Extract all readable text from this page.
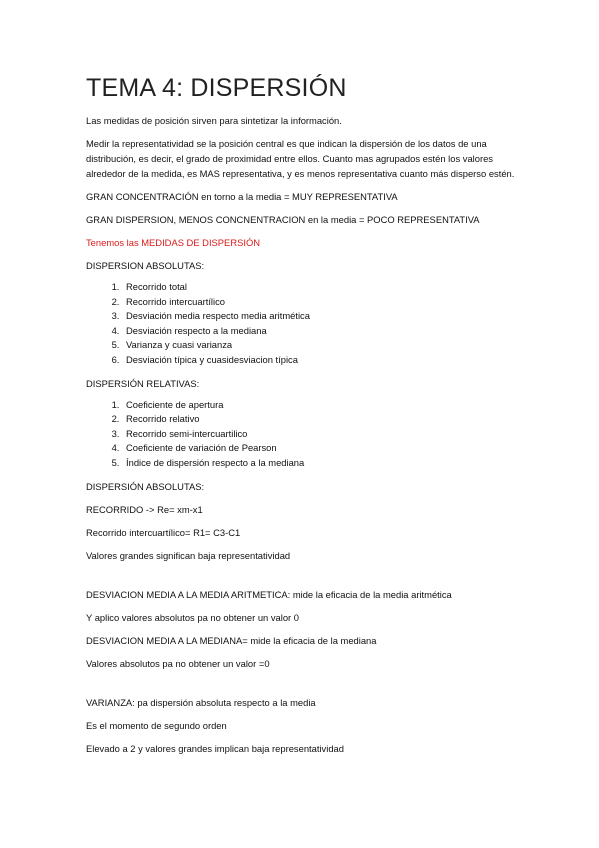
TEMA 4: DISPERSIÓN

Las medidas de posición sirven para sintetizar la información.

Medir la representatividad se la posición central es que indican la dispersión de los datos de una distribución, es decir, el grado de proximidad entre ellos. Cuanto mas agrupados estén los valores alrededor de la medida, es MAS representativa, y es menos representativa cuanto más disperso estén.

GRAN CONCENTRACIÓN en torno a la media = MUY REPRESENTATIVA

GRAN DISPERSION, MENOS CONCNENTRACION en la media = POCO REPRESENTATIVA

Tenemos las MEDIDAS DE DISPERSIÓN

DISPERSION ABSOLUTAS:

1. Recorrido total
2. Recorrido intercuartílico
3. Desviación media respecto media aritmética
4. Desviación respecto a la mediana
5. Varianza y cuasi varianza
6. Desviación típica y cuasidesviacion típica

DISPERSIÓN RELATIVAS:

1. Coeficiente de apertura
2. Recorrido relativo
3. Recorrido semi-intercuartilico
4. Coeficiente de variación de Pearson
5. Índice de dispersión respecto a la mediana

DISPERSIÓN ABSOLUTAS:

RECORRIDO -> Re= xm-x1

Recorrido intercuartílico= R1= C3-C1

Valores grandes significan baja representatividad

DESVIACION MEDIA A LA MEDIA ARITMETICA: mide la eficacia de la media aritmética

Y aplico valores absolutos pa no obtener un valor 0

DESVIACION MEDIA A LA MEDIANA= mide la eficacia de la mediana

Valores absolutos pa no obtener un valor =0

VARIANZA: pa dispersión absoluta respecto a la media

Es el momento de segundo orden

Elevado a 2 y valores grandes implican baja representatividad
